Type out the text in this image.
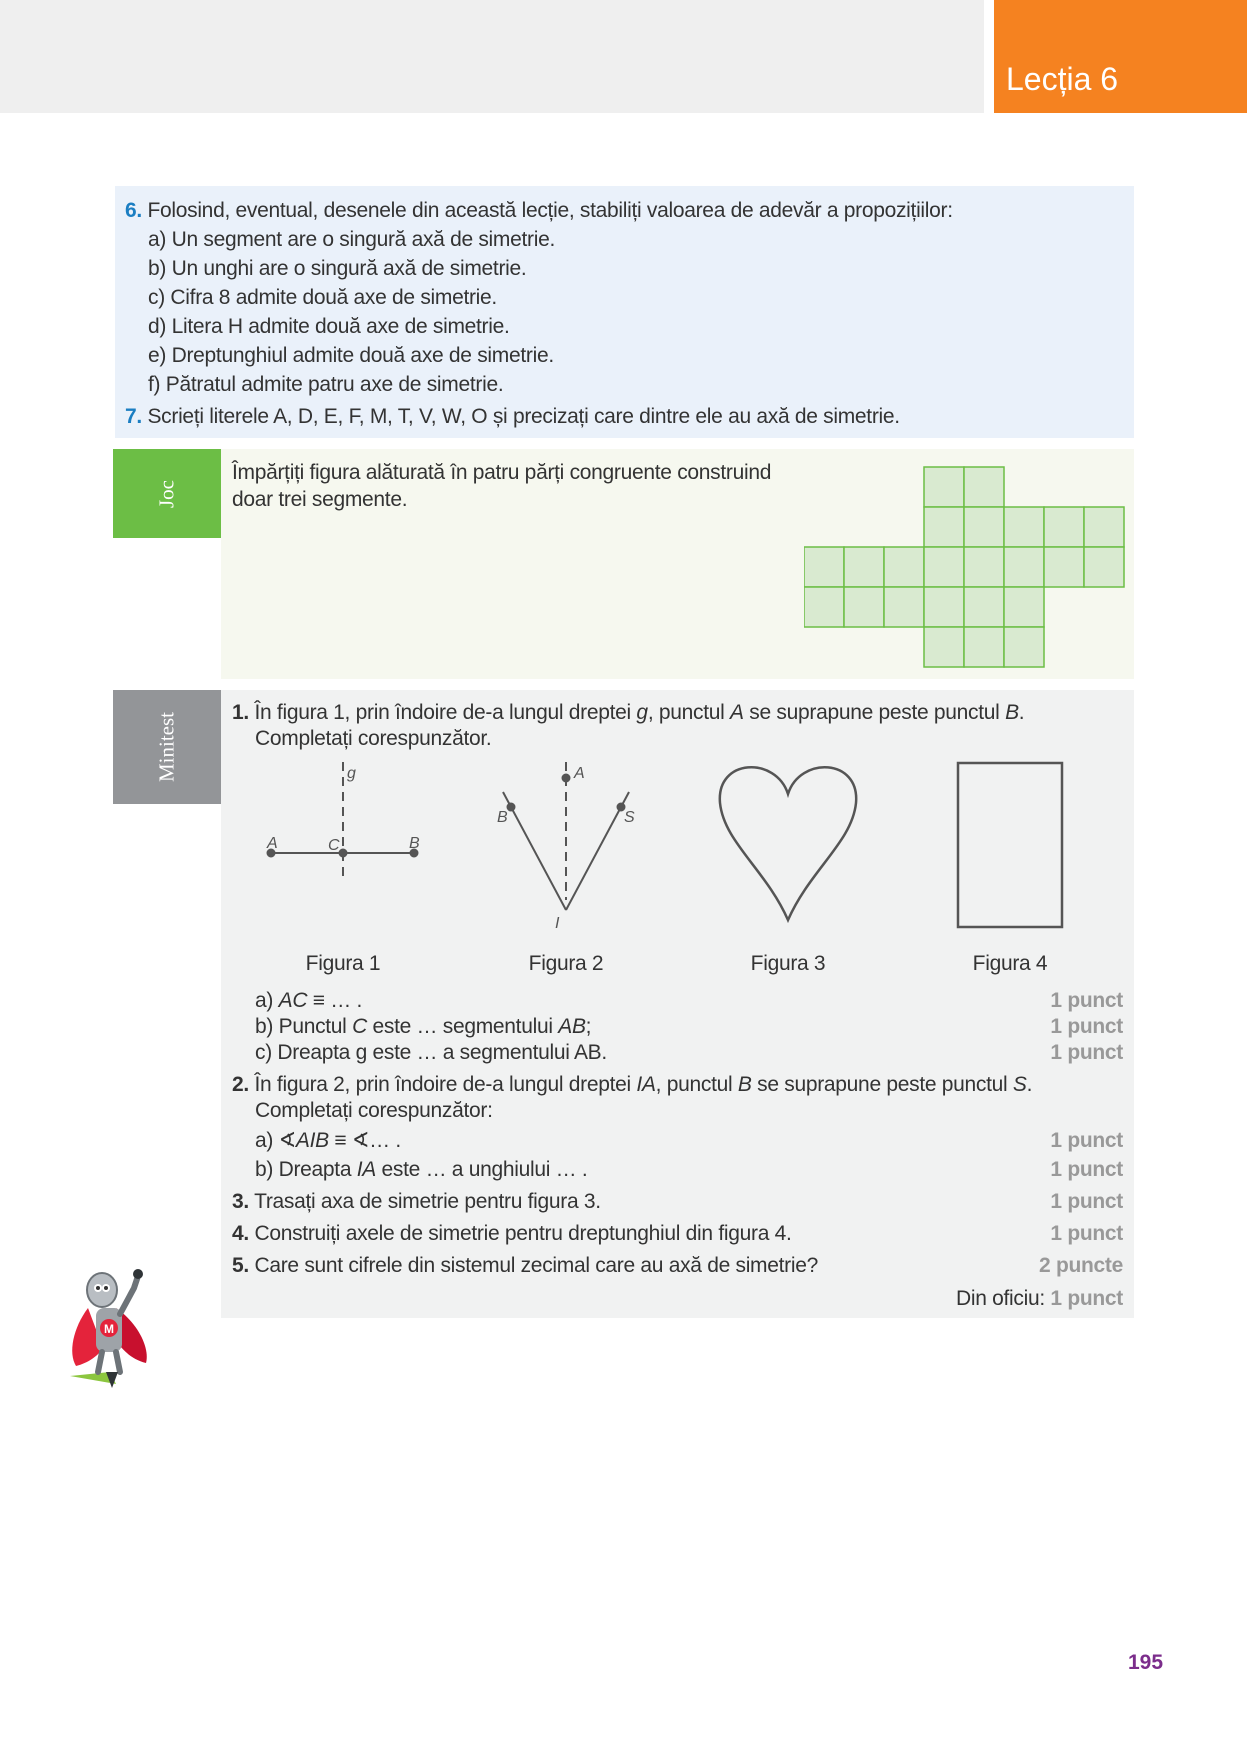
Lecția 6
6. Folosind, eventual, desenele din această lecție, stabiliți valoarea de adevăr a propozițiilor:
a) Un segment are o singură axă de simetrie.
b) Un unghi are o singură axă de simetrie.
c) Cifra 8 admite două axe de simetrie.
d) Litera H admite două axe de simetrie.
e) Dreptunghiul admite două axe de simetrie.
f) Pătratul admite patru axe de simetrie.
7. Scrieți literele A, D, E, F, M, T, V, W, O și precizați care dintre ele au axă de simetrie.
Joc
Împărțiți figura alăturată în patru părți congruente construind doar trei segmente.
Minitest	1. În figura 1, prin îndoire de-a lungul dreptei g, punctul A se suprapune peste punctul B.
Completați corespunzător.
g
A	C	B
A
B	S
I
Figura 1	Figura 2	Figura 3	Figura 4
a) AC ≡ … .	1 punct
b) Punctul C este … segmentului AB;	1 punct
c) Dreapta g este … a segmentului AB.	1 punct
2. În figura 2, prin îndoire de-a lungul dreptei IA, punctul B se suprapune peste punctul S.
Completați corespunzător:
a) ∢AIB ≡ ∢… .	1 punct
b) Dreapta IA este … a unghiului … .	1 punct
3. Trasați axa de simetrie pentru figura 3.	1 punct
4. Construiți axele de simetrie pentru dreptunghiul din figura 4.	1 punct
5. Care sunt cifrele din sistemul zecimal care au axă de simetrie?	2 puncte
Din oficiu: 1 punct
M
195
